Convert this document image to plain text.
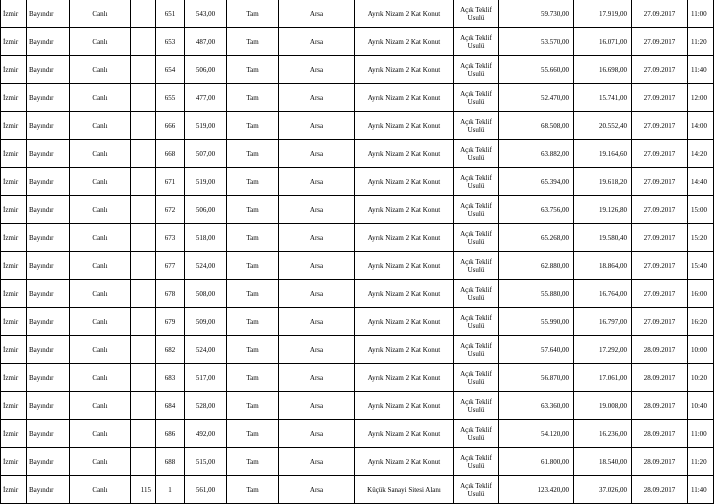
İzmir	Bayındır	Canlı		651	543,00	Tam	Arsa	Ayrık Nizam 2 Kat Konut	Açık Teklif Usulü	59.730,00	17.919,00	27.09.2017	11:00
İzmir	Bayındır	Canlı		653	487,00	Tam	Arsa	Ayrık Nizam 2 Kat Konut	Açık Teklif Usulü	53.570,00	16.071,00	27.09.2017	11:20
İzmir	Bayındır	Canlı		654	506,00	Tam	Arsa	Ayrık Nizam 2 Kat Konut	Açık Teklif Usulü	55.660,00	16.698,00	27.09.2017	11:40
İzmir	Bayındır	Canlı		655	477,00	Tam	Arsa	Ayrık Nizam 2 Kat Konut	Açık Teklif Usulü	52.470,00	15.741,00	27.09.2017	12:00
İzmir	Bayındır	Canlı		666	519,00	Tam	Arsa	Ayrık Nizam 2 Kat Konut	Açık Teklif Usulü	68.508,00	20.552,40	27.09.2017	14:00
İzmir	Bayındır	Canlı		668	507,00	Tam	Arsa	Ayrık Nizam 2 Kat Konut	Açık Teklif Usulü	63.882,00	19.164,60	27.09.2017	14:20
İzmir	Bayındır	Canlı		671	519,00	Tam	Arsa	Ayrık Nizam 2 Kat Konut	Açık Teklif Usulü	65.394,00	19.618,20	27.09.2017	14:40
İzmir	Bayındır	Canlı		672	506,00	Tam	Arsa	Ayrık Nizam 2 Kat Konut	Açık Teklif Usulü	63.756,00	19.126,80	27.09.2017	15:00
İzmir	Bayındır	Canlı		673	518,00	Tam	Arsa	Ayrık Nizam 2 Kat Konut	Açık Teklif Usulü	65.268,00	19.580,40	27.09.2017	15:20
İzmir	Bayındır	Canlı		677	524,00	Tam	Arsa	Ayrık Nizam 2 Kat Konut	Açık Teklif Usulü	62.880,00	18.864,00	27.09.2017	15:40
İzmir	Bayındır	Canlı		678	508,00	Tam	Arsa	Ayrık Nizam 2 Kat Konut	Açık Teklif Usulü	55.880,00	16.764,00	27.09.2017	16:00
İzmir	Bayındır	Canlı		679	509,00	Tam	Arsa	Ayrık Nizam 2 Kat Konut	Açık Teklif Usulü	55.990,00	16.797,00	27.09.2017	16:20
İzmir	Bayındır	Canlı		682	524,00	Tam	Arsa	Ayrık Nizam 2 Kat Konut	Açık Teklif Usulü	57.640,00	17.292,00	28.09.2017	10:00
İzmir	Bayındır	Canlı		683	517,00	Tam	Arsa	Ayrık Nizam 2 Kat Konut	Açık Teklif Usulü	56.870,00	17.061,00	28.09.2017	10:20
İzmir	Bayındır	Canlı		684	528,00	Tam	Arsa	Ayrık Nizam 2 Kat Konut	Açık Teklif Usulü	63.360,00	19.008,00	28.09.2017	10:40
İzmir	Bayındır	Canlı		686	492,00	Tam	Arsa	Ayrık Nizam 2 Kat Konut	Açık Teklif Usulü	54.120,00	16.236,00	28.09.2017	11:00
İzmir	Bayındır	Canlı		688	515,00	Tam	Arsa	Ayrık Nizam 2 Kat Konut	Açık Teklif Usulü	61.800,00	18.540,00	28.09.2017	11:20
İzmir	Bayındır	Canlı	115	1	561,00	Tam	Arsa	Küçük Sanayi Sitesi Alanı	Açık Teklif Usulü	123.420,00	37.026,00	28.09.2017	11:40
